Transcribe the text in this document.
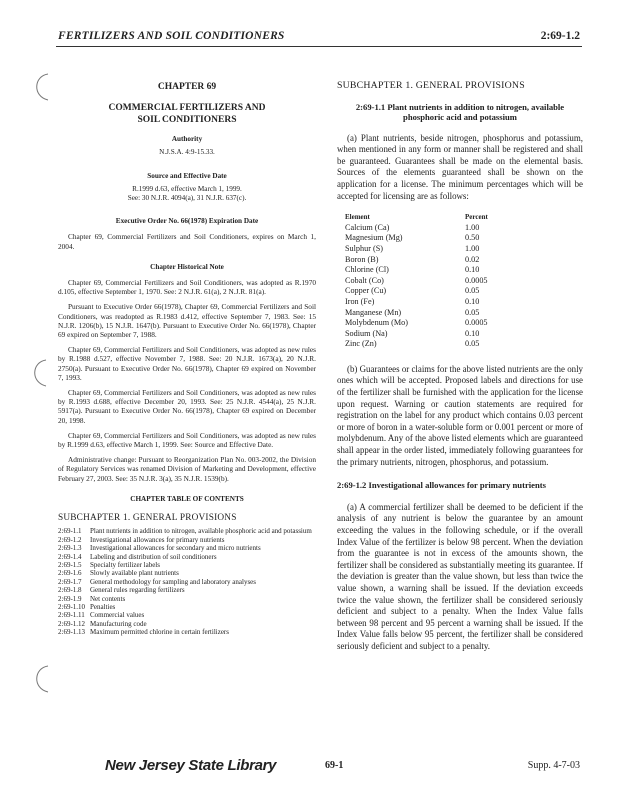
FERTILIZERS AND SOIL CONDITIONERS	2:69-1.2
CHAPTER 69
COMMERCIAL FERTILIZERS AND
SOIL CONDITIONERS
Authority
N.J.S.A. 4:9-15.33.
Source and Effective Date
R.1999 d.63, effective March 1, 1999.
See: 30 N.J.R. 4094(a), 31 N.J.R. 637(c).
Executive Order No. 66(1978) Expiration Date
Chapter 69, Commercial Fertilizers and Soil Conditioners, expires on March 1, 2004.
Chapter Historical Note
Chapter 69, Commercial Fertilizers and Soil Conditioners, was adopted as R.1970 d.105, effective September 1, 1970. See: 2 N.J.R. 61(a), 2 N.J.R. 81(a).
Pursuant to Executive Order 66(1978), Chapter 69, Commercial Fertilizers and Soil Conditioners, was readopted as R.1983 d.412, effective September 7, 1983. See: 15 N.J.R. 1206(b), 15 N.J.R. 1647(b). Pursuant to Executive Order No. 66(1978), Chapter 69 expired on September 7, 1988.
Chapter 69, Commercial Fertilizers and Soil Conditioners, was adopted as new rules by R.1988 d.527, effective November 7, 1988. See: 20 N.J.R. 1673(a), 20 N.J.R. 2750(a). Pursuant to Executive Order No. 66(1978), Chapter 69 expired on November 7, 1993.
Chapter 69, Commercial Fertilizers and Soil Conditioners, was adopted as new rules by R.1993 d.688, effective December 20, 1993. See: 25 N.J.R. 4544(a), 25 N.J.R. 5917(a). Pursuant to Executive Order No. 66(1978), Chapter 69 expired on December 20, 1998.
Chapter 69, Commercial Fertilizers and Soil Conditioners, was adopted as new rules by R.1999 d.63, effective March 1, 1999. See: Source and Effective Date.
Administrative change: Pursuant to Reorganization Plan No. 003-2002, the Division of Regulatory Services was renamed Division of Marketing and Development, effective February 27, 2003. See: 35 N.J.R. 3(a), 35 N.J.R. 1539(b).
CHAPTER TABLE OF CONTENTS
SUBCHAPTER 1. GENERAL PROVISIONS
2:69-1.1	Plant nutrients in addition to nitrogen, available phosphoric acid and potassium
2:69-1.2	Investigational allowances for primary nutrients
2:69-1.3	Investigational allowances for secondary and micro nutrients
2:69-1.4	Labeling and distribution of soil conditioners
2:69-1.5	Specialty fertilizer labels
2:69-1.6	Slowly available plant nutrients
2:69-1.7	General methodology for sampling and laboratory analyses
2:69-1.8	General rules regarding fertilizers
2:69-1.9	Net contents
2:69-1.10 Penalties
2:69-1.11 Commercial values
2:69-1.12 Manufacturing code
2:69-1.13 Maximum permitted chlorine in certain fertilizers
SUBCHAPTER 1. GENERAL PROVISIONS
2:69-1.1 Plant nutrients in addition to nitrogen, available phosphoric acid and potassium
(a) Plant nutrients, beside nitrogen, phosphorus and potassium, when mentioned in any form or manner shall be registered and shall be guaranteed. Guarantees shall be made on the elemental basis. Sources of the elements guaranteed shall be shown on the application for a license. The minimum percentages which will be accepted for licensing are as follows:
Element	Percent
Calcium (Ca)	1.00
Magnesium (Mg)	0.50
Sulphur (S)	1.00
Boron (B)	0.02
Chlorine (Cl)	0.10
Cobalt (Co)	0.0005
Copper (Cu)	0.05
Iron (Fe)	0.10
Manganese (Mn)	0.05
Molybdenum (Mo)	0.0005
Sodium (Na)	0.10
Zinc (Zn)	0.05
(b) Guarantees or claims for the above listed nutrients are the only ones which will be accepted. Proposed labels and directions for use of the fertilizer shall be furnished with the application for the license upon request. Warning or caution statements are required for registration on the label for any product which contains 0.03 percent or more of boron in a water-soluble form or 0.001 percent or more of molybdenum. Any of the above listed elements which are guaranteed shall appear in the order listed, immediately following guarantees for the primary nutrients, nitrogen, phosphorus, and potassium.
2:69-1.2 Investigational allowances for primary nutrients
(a) A commercial fertilizer shall be deemed to be deficient if the analysis of any nutrient is below the guarantee by an amount exceeding the values in the following schedule, or if the overall Index Value of the fertilizer is below 98 percent. When the deviation from the guarantee is not in excess of the amounts shown, the fertilizer shall be considered as substantially meeting its guarantee. If the deviation is greater than the value shown, but less than twice the value shown, a warning shall be issued. If the deviation exceeds twice the value shown, the fertilizer shall be considered seriously deficient and subject to a penalty. When the Index Value falls between 98 percent and 95 percent a warning shall be issued. If the Index Value falls below 95 percent, the fertilizer shall be considered seriously deficient and subject to a penalty.
New Jersey State Library	69-1	Supp. 4-7-03
